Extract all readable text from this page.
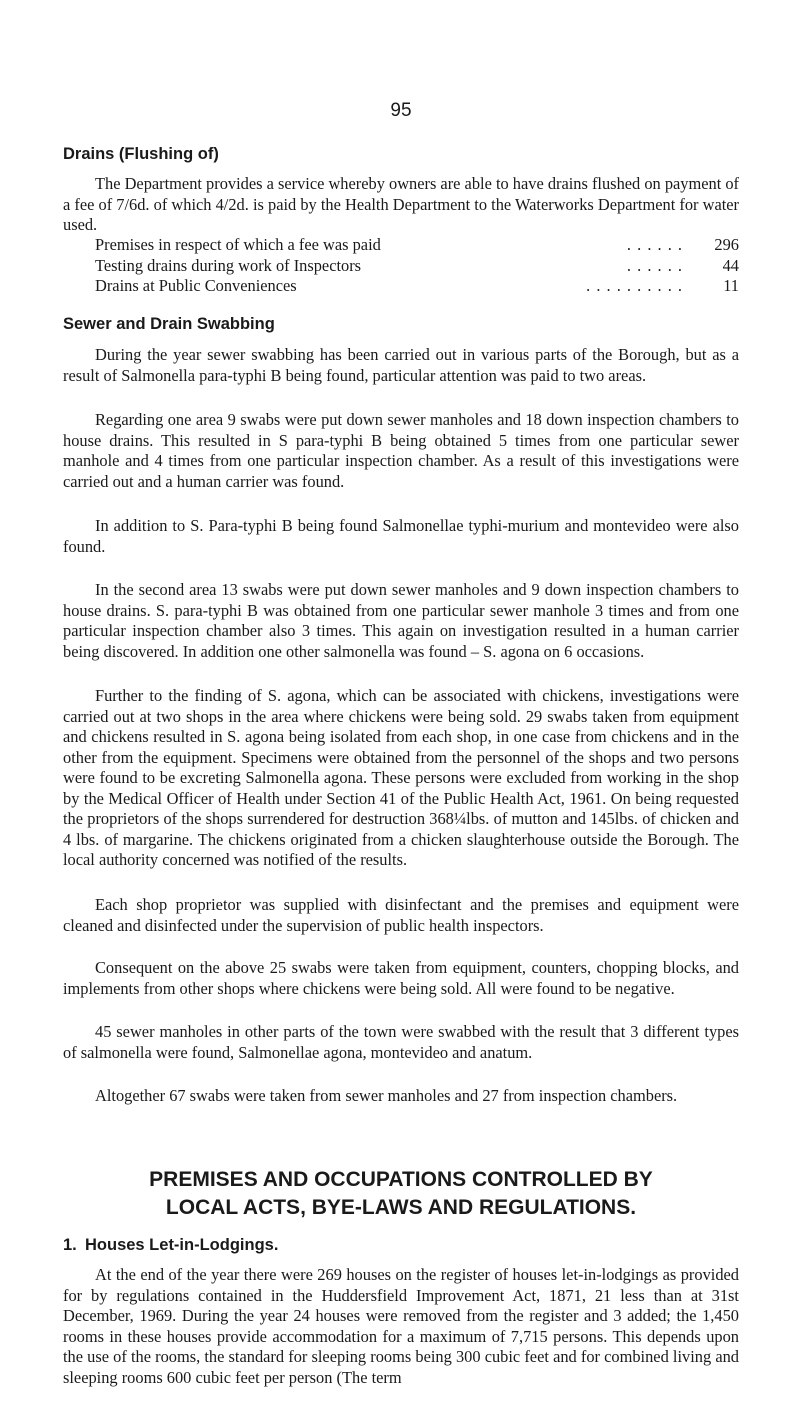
95
Drains (Flushing of)

The Department provides a service whereby owners are able to have drains flushed on payment of a fee of 7/6d. of which 4/2d. is paid by the Health Department to the Waterworks Department for water used.

Premises in respect of which a fee was paid	. . . . . .	296
Testing drains during work of Inspectors	. . . . . .	44
Drains at Public Conveniences	. . . . . . . . . .	11
Sewer and Drain Swabbing

During the year sewer swabbing has been carried out in various parts of the Borough, but as a result of Salmonella para-typhi B being found, particular attention was paid to two areas.

Regarding one area 9 swabs were put down sewer manholes and 18 down inspection chambers to house drains. This resulted in S para-typhi B being obtained 5 times from one particular sewer manhole and 4 times from one particular inspection chamber. As a result of this investigations were carried out and a human carrier was found.

In addition to S. Para-typhi B being found Salmonellae typhi-murium and montevideo were also found.

In the second area 13 swabs were put down sewer manholes and 9 down inspection chambers to house drains. S. para-typhi B was obtained from one particular sewer manhole 3 times and from one particular inspection chamber also 3 times. This again on investigation resulted in a human carrier being discovered. In addition one other salmonella was found – S. agona on 6 occasions.

Further to the finding of S. agona, which can be associated with chickens, investigations were carried out at two shops in the area where chickens were being sold. 29 swabs taken from equipment and chickens resulted in S. agona being isolated from each shop, in one case from chickens and in the other from the equipment. Specimens were obtained from the personnel of the shops and two persons were found to be excreting Salmonella agona. These persons were excluded from working in the shop by the Medical Officer of Health under Section 41 of the Public Health Act, 1961. On being requested the proprietors of the shops surrendered for destruction 368¼lbs. of mutton and 145lbs. of chicken and 4 lbs. of margarine. The chickens originated from a chicken slaughterhouse outside the Borough. The local authority concerned was notified of the results.

Each shop proprietor was supplied with disinfectant and the premises and equipment were cleaned and disinfected under the supervision of public health inspectors.

Consequent on the above 25 swabs were taken from equipment, counters, chopping blocks, and implements from other shops where chickens were being sold. All were found to be negative.

45 sewer manholes in other parts of the town were swabbed with the result that 3 different types of salmonella were found, Salmonellae agona, montevideo and anatum.

Altogether 67 swabs were taken from sewer manholes and 27 from inspection chambers.

PREMISES AND OCCUPATIONS CONTROLLED BY
LOCAL ACTS, BYE-LAWS AND REGULATIONS.
1. Houses Let-in-Lodgings.

At the end of the year there were 269 houses on the register of houses let-in-lodgings as provided for by regulations contained in the Huddersfield Improvement Act, 1871, 21 less than at 31st December, 1969. During the year 24 houses were removed from the register and 3 added; the 1,450 rooms in these houses provide accommodation for a maximum of 7,715 persons. This depends upon the use of the rooms, the standard for sleeping rooms being 300 cubic feet and for combined living and sleeping rooms 600 cubic feet per person (The term
